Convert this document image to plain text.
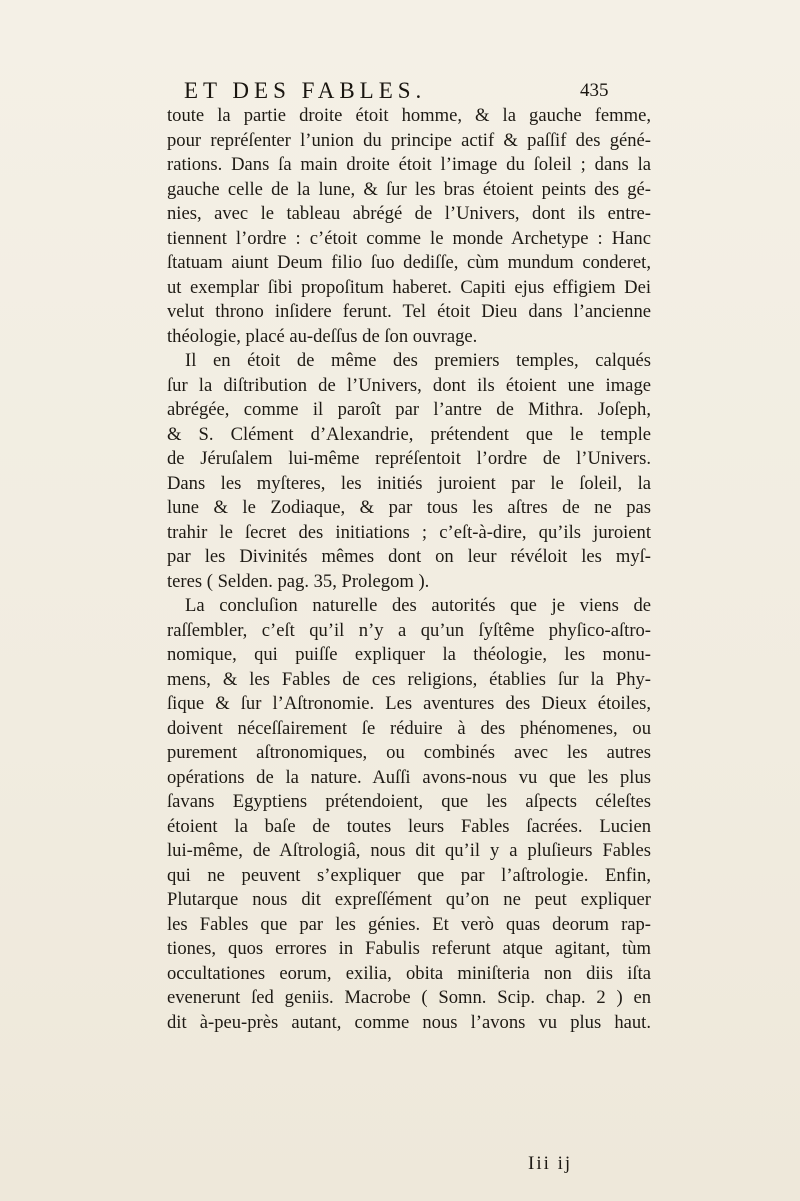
ET DES FABLES.	435
toute la partie droite étoit homme, & la gauche femme,
pour repréſenter l’union du principe actif & paſſif des géné-
rations. Dans ſa main droite étoit l’image du ſoleil ; dans la
gauche celle de la lune, & ſur les bras étoient peints des gé-
nies, avec le tableau abrégé de l’Univers, dont ils entre-
tiennent l’ordre : c’étoit comme le monde Archetype : Hanc
ſtatuam aiunt Deum filio ſuo dediſſe, cùm mundum conderet,
ut exemplar ſibi propoſitum haberet. Capiti ejus effigiem Dei
velut throno inſidere ferunt. Tel étoit Dieu dans l’ancienne
théologie, placé au-deſſus de ſon ouvrage.
Il en étoit de même des premiers temples, calqués
ſur la diſtribution de l’Univers, dont ils étoient une image
abrégée, comme il paroît par l’antre de Mithra. Joſeph,
& S. Clément d’Alexandrie, prétendent que le temple
de Jéruſalem lui-même repréſentoit l’ordre de l’Univers.
Dans les myſteres, les initiés juroient par le ſoleil, la
lune & le Zodiaque, & par tous les aſtres de ne pas
trahir le ſecret des initiations ; c’eſt-à-dire, qu’ils juroient
par les Divinités mêmes dont on leur révéloit les myſ-
teres ( Selden. pag. 35, Prolegom ).
La concluſion naturelle des autorités que je viens de
raſſembler, c’eſt qu’il n’y a qu’un ſyſtême phyſico-aſtro-
nomique, qui puiſſe expliquer la théologie, les monu-
mens, & les Fables de ces religions, établies ſur la Phy-
ſique & ſur l’Aſtronomie. Les aventures des Dieux étoiles,
doivent néceſſairement ſe réduire à des phénomenes, ou
purement aſtronomiques, ou combinés avec les autres
opérations de la nature. Auſſi avons-nous vu que les plus
ſavans Egyptiens prétendoient, que les aſpects céleſtes
étoient la baſe de toutes leurs Fables ſacrées. Lucien
lui-même, de Aſtrologiâ, nous dit qu’il y a pluſieurs Fables
qui ne peuvent s’expliquer que par l’aſtrologie. Enfin,
Plutarque nous dit expreſſément qu’on ne peut expliquer
les Fables que par les génies. Et verò quas deorum rap-
tiones, quos errores in Fabulis referunt atque agitant, tùm
occultationes eorum, exilia, obita miniſteria non diis iſta
evenerunt ſed geniis. Macrobe ( Somn. Scip. chap. 2 ) en
dit à-peu-près autant, comme nous l’avons vu plus haut.
Iii ij
